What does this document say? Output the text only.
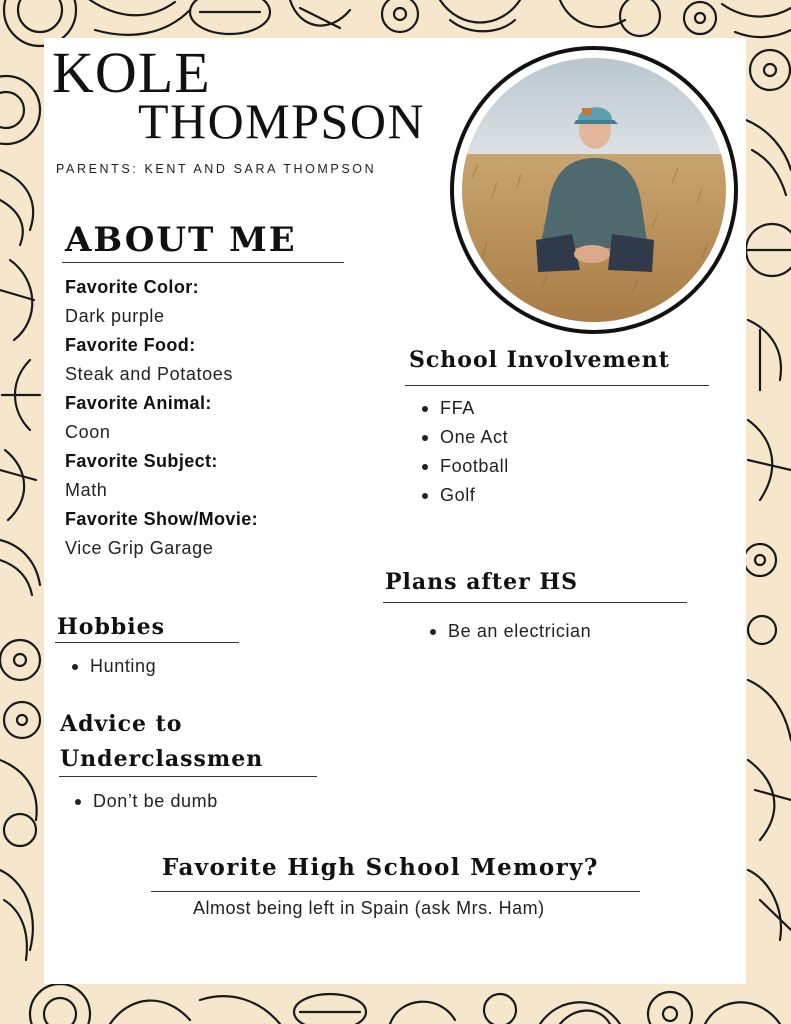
KOLE
THOMPSON
PARENTS: KENT AND SARA THOMPSON
ABOUT ME
Favorite Color:
Dark purple
Favorite Food:
Steak and Potatoes
Favorite Animal:
Coon
Favorite Subject:
Math
Favorite Show/Movie:
Vice Grip Garage
School Involvement
FFA
One Act
Football
Golf
Plans after HS
Be an electrician
Hobbies
Hunting
Advice to
Underclassmen
Don’t be dumb
Favorite High School Memory?
Almost being left in Spain (ask Mrs. Ham)
